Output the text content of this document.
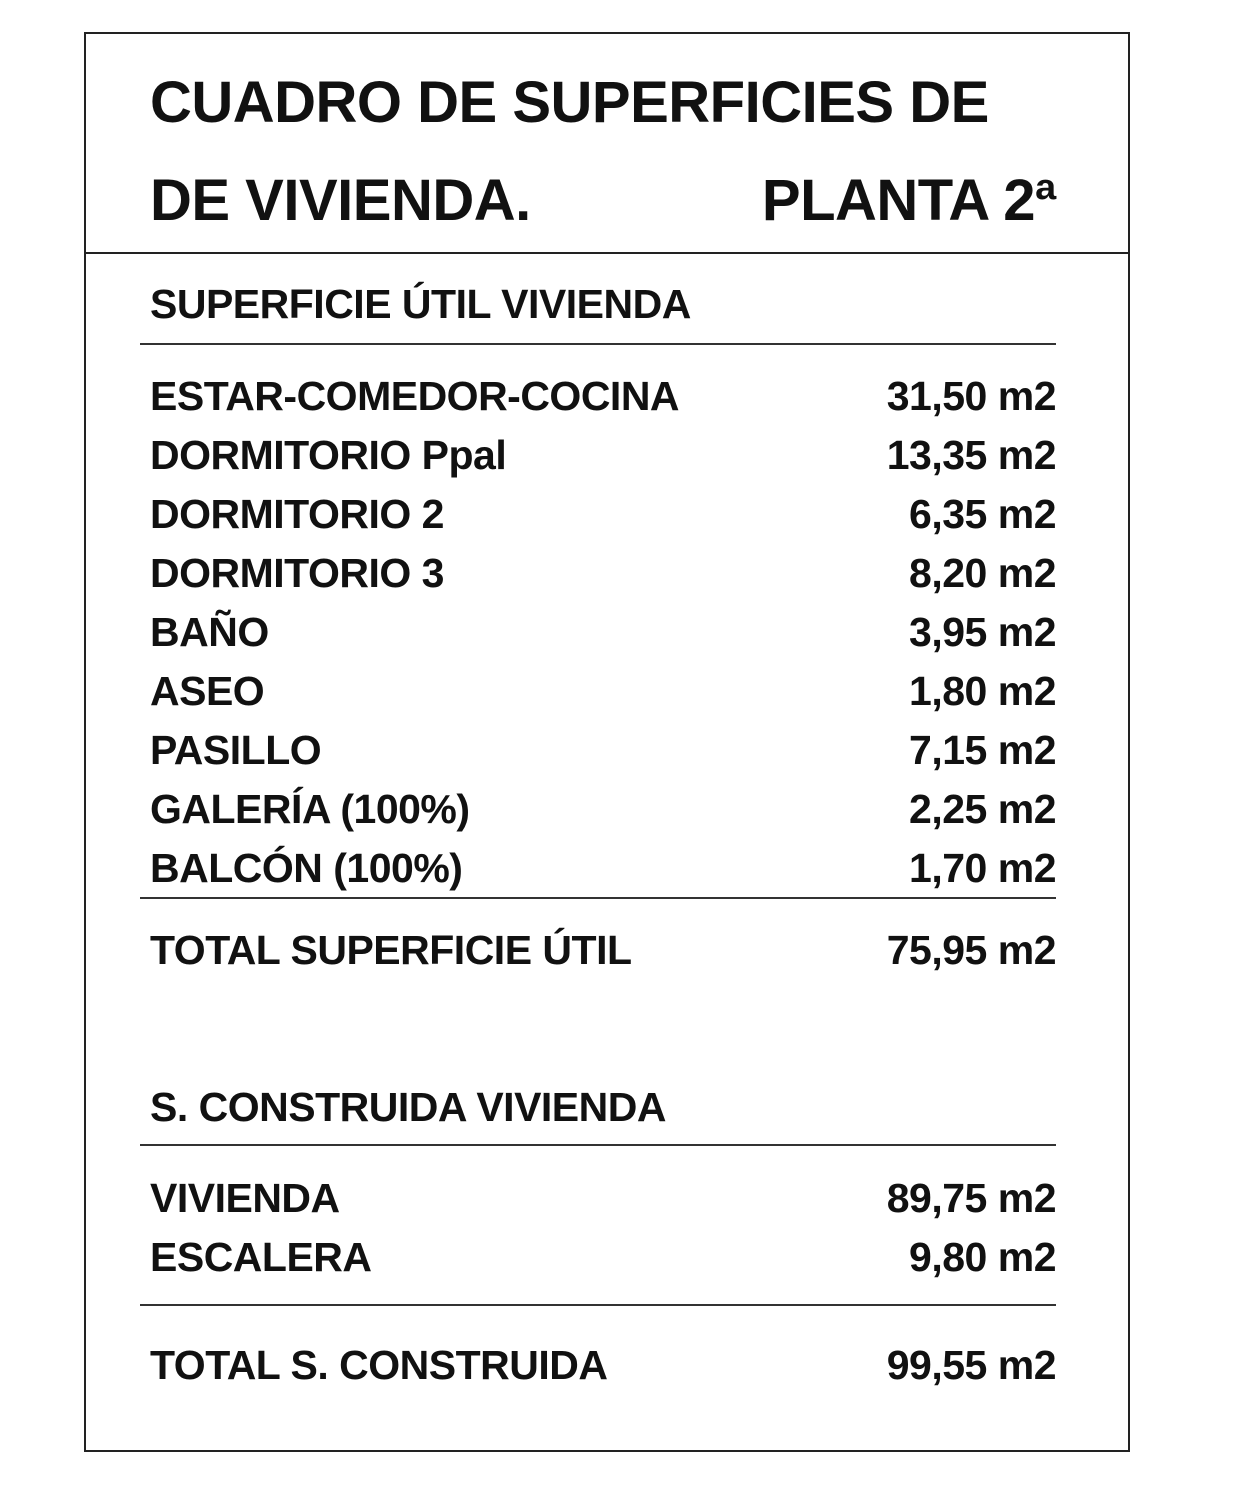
CUADRO DE SUPERFICIES DE
DE VIVIENDA.	PLANTA 2ª
SUPERFICIE ÚTIL VIVIENDA
ESTAR-COMEDOR-COCINA	31,50 m2
DORMITORIO Ppal	13,35 m2
DORMITORIO 2	6,35 m2
DORMITORIO 3	8,20 m2
BAÑO	3,95 m2
ASEO	1,80 m2
PASILLO	7,15 m2
GALERÍA (100%)	2,25 m2
BALCÓN (100%)	1,70 m2
TOTAL SUPERFICIE ÚTIL	75,95 m2
S. CONSTRUIDA VIVIENDA
VIVIENDA	89,75 m2
ESCALERA	9,80 m2
TOTAL S. CONSTRUIDA	99,55 m2
